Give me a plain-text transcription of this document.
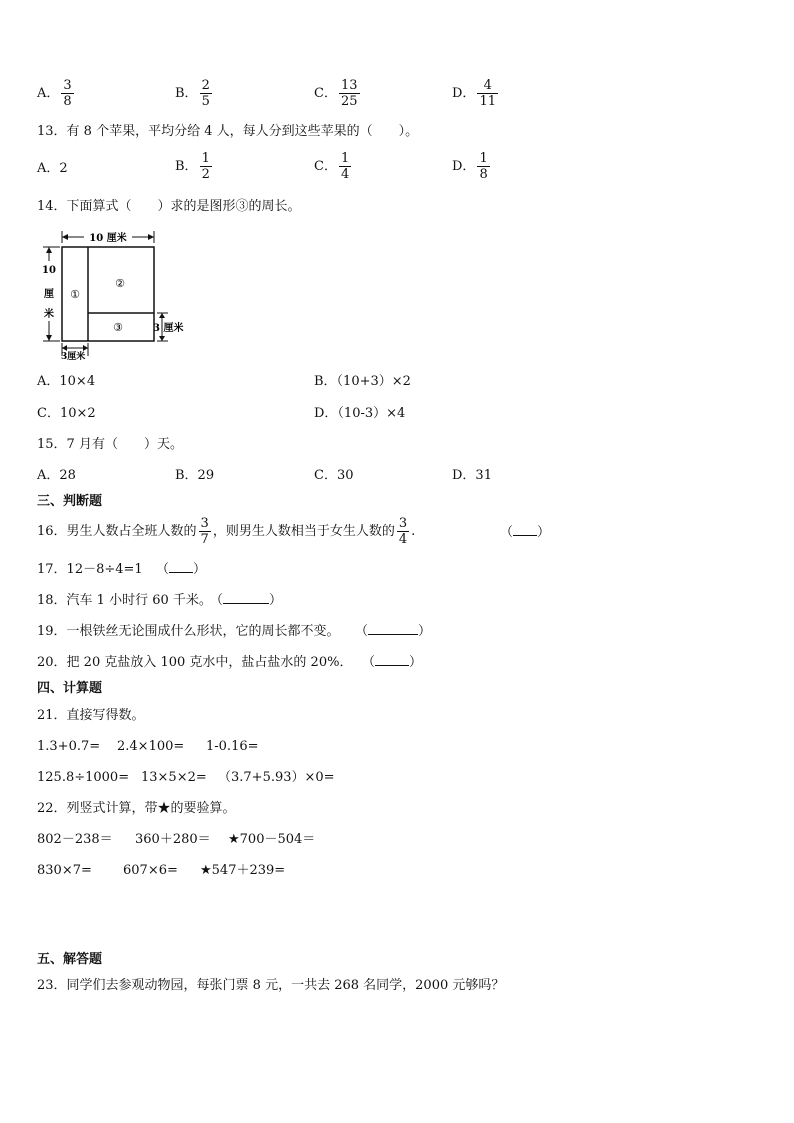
A． $\frac{3}{8}$	B． $\frac{2}{5}$	C． $\frac{13}{25}$	D． $\frac{4}{11}$
13．有 8 个苹果，平均分给 4 人，每人分到这些苹果的（　　）。
A．2	B． $\frac{1}{2}$	C． $\frac{1}{4}$	D． $\frac{1}{8}$
14．下面算式（　　）求的是图形③的周长。
10 厘米
10
厘
米
①
②
③	3 厘米
3厘米
A．10×4	B．（10+3）×2
C．10×2	D．（10-3）×4
15．7 月有（　　）天。
A．28	B．29	C．30	D．31
三、判断题
16．男生人数占全班人数的 $\frac{3}{7}$ ，则男生人数相当于女生人数的 $\frac{3}{4}$ .	（ ）
17．12－8÷4=1 （ ）
18．汽车 1 小时行 60 千米。
（	）
19．一根铁丝无论围成什么形状，它的周长都不变。 （	）
20．把 20 克盐放入 100 克水中，盐占盐水的 20%． （	）
四、计算题
21．直接写得数。
1.3+0.7= 2.4×100= 1-0.16=
125.8÷1000= 13×5×2= （3.7+5.93）×0=
22．列竖式计算，带★的要验算。
802－238＝ 360＋280＝ ★700－504＝
830×7= 607×6= ★547＋239=
五、解答题
23．同学们去参观动物园，每张门票 8 元，一共去 268 名同学，2000 元够吗？
